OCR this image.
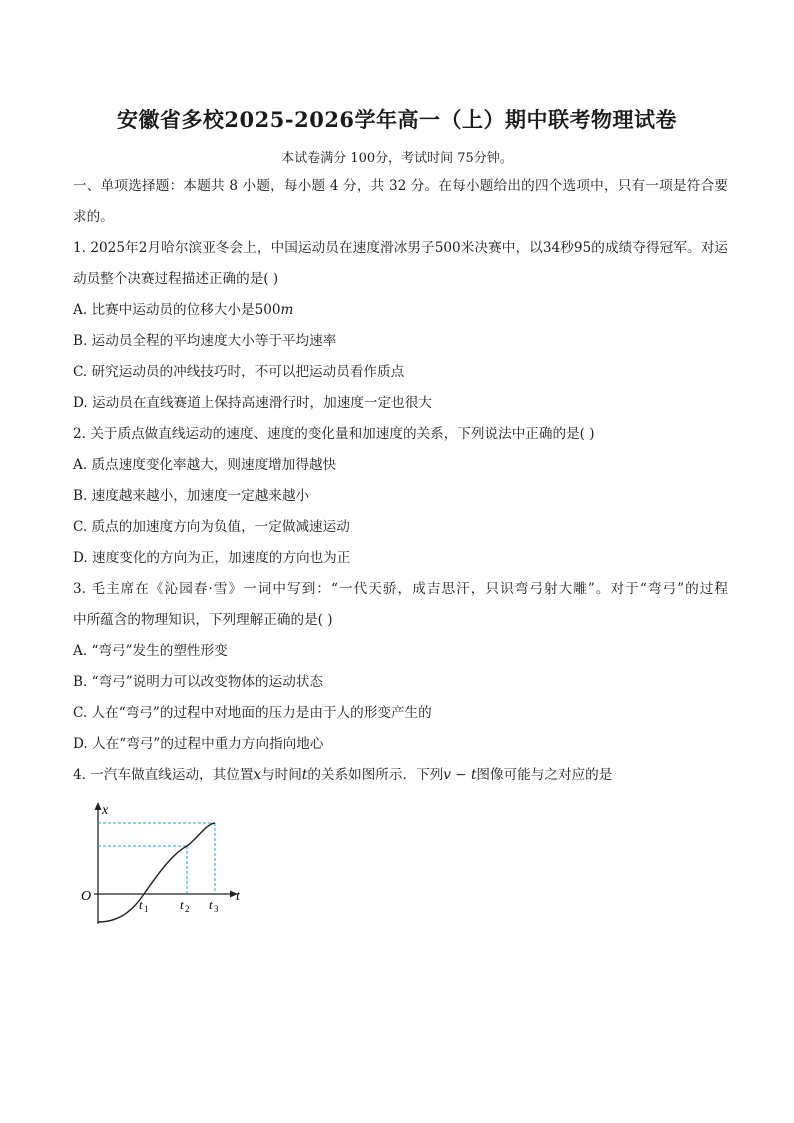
安徽省多校2025-2026学年高一（上）期中联考物理试卷
本试卷满分 100分，考试时间 75分钟。
一、单项选择题：本题共 8 小题，每小题 4 分，共 32 分。在每小题给出的四个选项中，只有一项是符合要
求的。
1. 2025年2月哈尔滨亚冬会上，中国运动员在速度滑冰男子500米决赛中，以34秒95的成绩夺得冠军。对运
动员整个决赛过程描述正确的是( )
A. 比赛中运动员的位移大小是500𝑚
B. 运动员全程的平均速度大小等于平均速率
C. 研究运动员的冲线技巧时，不可以把运动员看作质点
D. 运动员在直线赛道上保持高速滑行时，加速度一定也很大
2. 关于质点做直线运动的速度、速度的变化量和加速度的关系，下列说法中正确的是( )
A. 质点速度变化率越大，则速度增加得越快
B. 速度越来越小，加速度一定越来越小
C. 质点的加速度方向为负值，一定做减速运动
D. 速度变化的方向为正，加速度的方向也为正
3. 毛主席在《沁园春·雪》一词中写到：“一代天骄，成吉思汗，只识弯弓射大雕”。对于“弯弓”的过程
中所蕴含的物理知识，下列理解正确的是( )
A. “弯弓”发生的塑性形变
B. “弯弓”说明力可以改变物体的运动状态
C. 人在“弯弓”的过程中对地面的压力是由于人的形变产生的
D. 人在“弯弓”的过程中重力方向指向地心
4. 一汽车做直线运动，其位置𝑥与时间𝑡的关系如图所示．下列𝑣 − 𝑡图像可能与之对应的是
x
O	t
t 1 t 2 t 3
